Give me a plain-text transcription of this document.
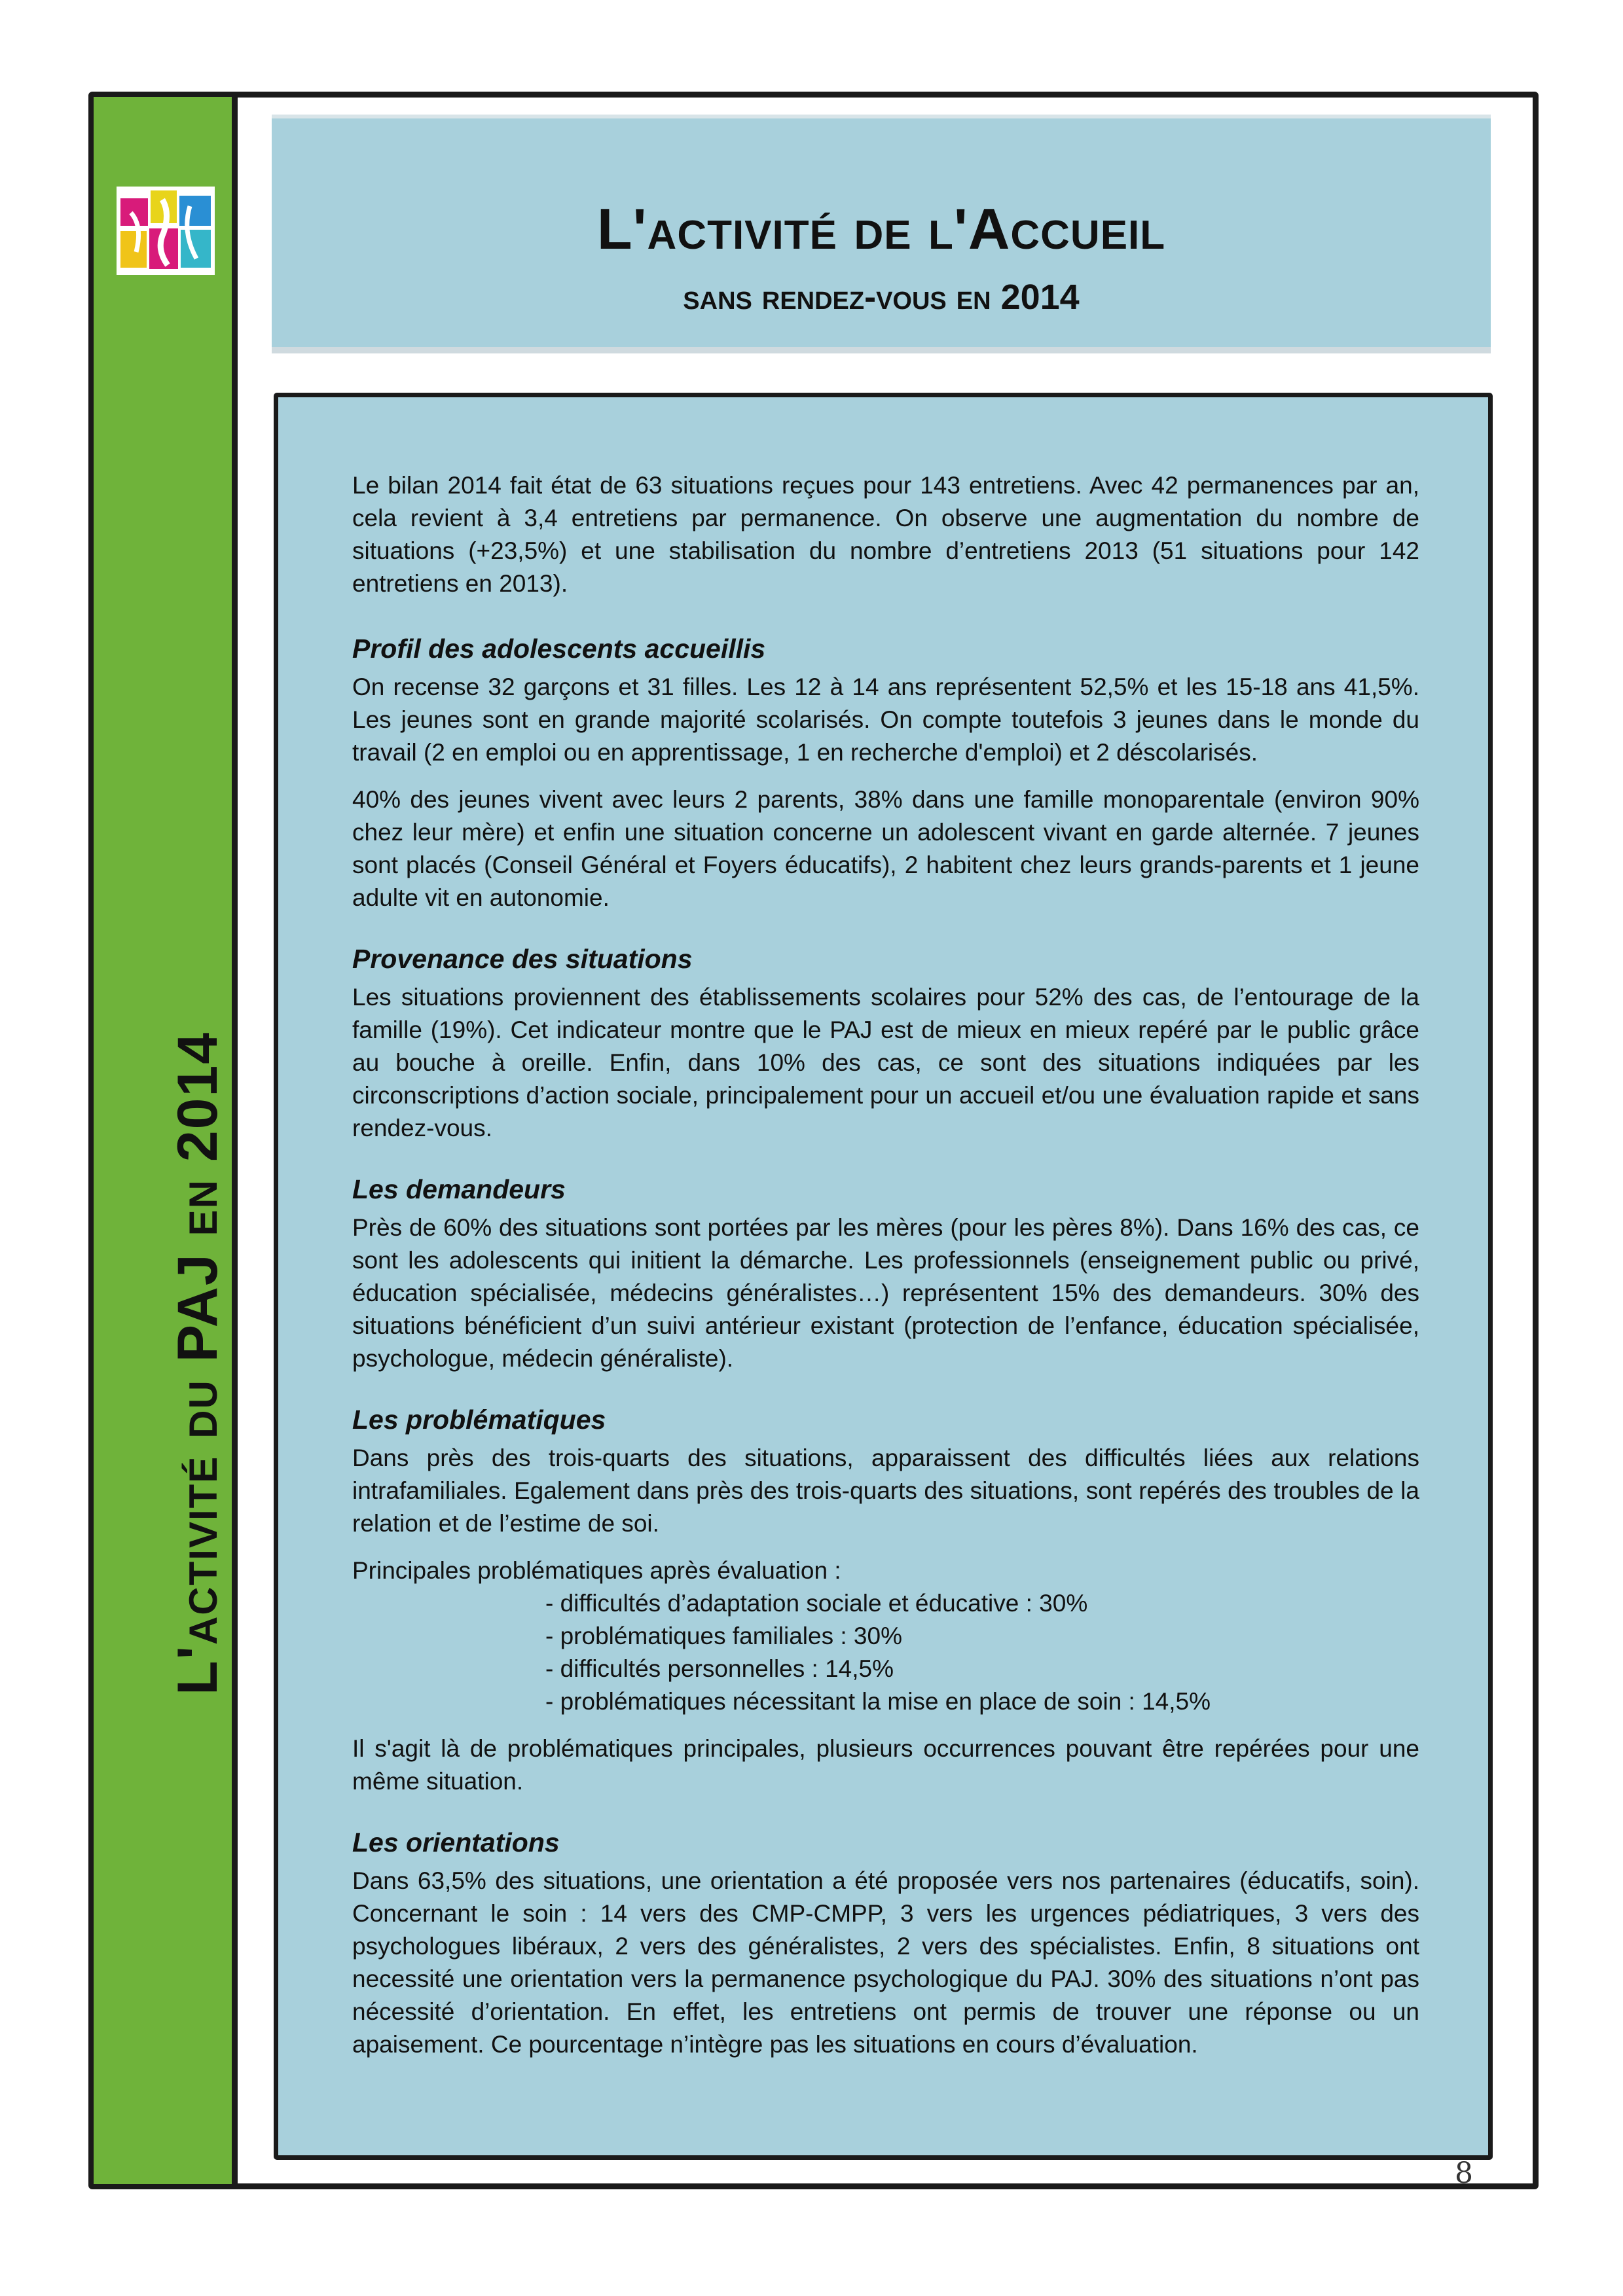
L'activité du PAJ en 2014
L'activité de l'Accueil
sans rendez-vous en 2014

Le bilan 2014 fait état de 63 situations reçues pour 143 entretiens. Avec 42 permanences par an, cela revient à 3,4 entretiens par permanence. On observe une augmentation du nombre de situations (+23,5%) et une stabilisation du nombre d’entretiens 2013 (51 situations pour 142 entretiens en 2013).

Profil des adolescents accueillis

On recense 32 garçons et 31 filles. Les 12 à 14 ans représentent 52,5% et les 15-18 ans 41,5%. Les jeunes sont en grande majorité scolarisés. On compte toutefois 3 jeunes dans le monde du travail (2 en emploi ou en apprentissage, 1 en recherche d'emploi) et 2 déscolarisés.

40% des jeunes vivent avec leurs 2 parents, 38% dans une famille monoparentale (environ 90% chez leur mère) et enfin une situation concerne un adolescent vivant en garde alternée. 7 jeunes sont placés (Conseil Général et Foyers éducatifs), 2 habitent chez leurs grands-parents et 1 jeune adulte vit en autonomie.

Provenance des situations

Les situations proviennent des établissements scolaires pour 52% des cas, de l’entourage de la famille (19%). Cet indicateur montre que le PAJ est de mieux en mieux repéré par le public grâce au bouche à oreille. Enfin, dans 10% des cas, ce sont des situations indiquées par les circonscriptions d’action sociale, principalement pour un accueil et/ou une évaluation rapide et sans rendez-vous.

Les demandeurs

Près de 60% des situations sont portées par les mères (pour les pères 8%). Dans 16% des cas, ce sont les adolescents qui initient la démarche. Les professionnels (enseignement public ou privé, éducation spécialisée, médecins généralistes…) représentent 15% des demandeurs. 30% des situations bénéficient d’un suivi antérieur existant (protection de l’enfance, éducation spécialisée, psychologue, médecin généraliste).

Les problématiques

Dans près des trois-quarts des situations, apparaissent des difficultés liées aux relations intrafamiliales. Egalement dans près des trois-quarts des situations, sont repérés des troubles de la relation et de l’estime de soi.

Principales problématiques après évaluation :

- difficultés d’adaptation sociale et éducative : 30%
- problématiques familiales : 30%
- difficultés personnelles : 14,5%
- problématiques nécessitant la mise en place de soin : 14,5%

Il s'agit là de problématiques principales, plusieurs occurrences pouvant être repérées pour une même situation.

Les orientations

Dans 63,5% des situations, une orientation a été proposée vers nos partenaires (éducatifs, soin). Concernant le soin : 14 vers des CMP-CMPP, 3 vers les urgences pédiatriques, 3 vers des psychologues libéraux, 2 vers des généralistes, 2 vers des spécialistes. Enfin, 8 situations ont necessité une orientation vers la permanence psychologique du PAJ. 30% des situations n’ont pas nécessité d’orientation. En effet, les entretiens ont permis de trouver une réponse ou un apaisement. Ce pourcentage n’intègre pas les situations en cours d’évaluation.

8
